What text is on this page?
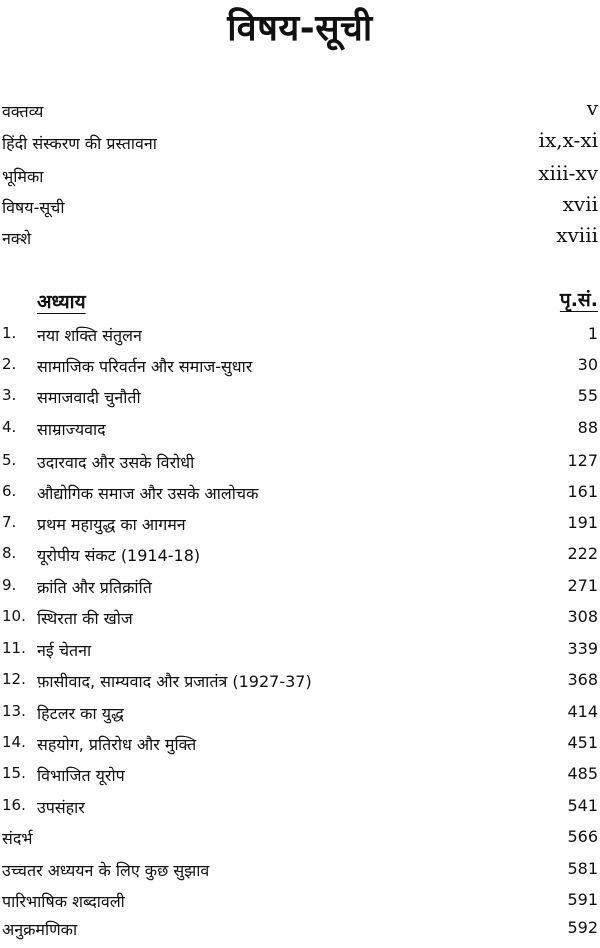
विषय-सूची
वक्तव्य	v
हिंदी संस्करण की प्रस्तावना	ix,x-xi
भूमिका	xiii-xv
विषय-सूची	xvii
नक्शे	xviii
अध्याय	पृ.सं.
1. नया शक्ति संतुलन	1
2. सामाजिक परिवर्तन और समाज-सुधार	30
3. समाजवादी चुनौती	55
4. साम्राज्यवाद	88
5. उदारवाद और उसके विरोधी	127
6. औद्योगिक समाज और उसके आलोचक	161
7. प्रथम महायुद्ध का आगमन	191
8. यूरोपीय संकट (1914-18)	222
9. क्रांति और प्रतिक्रांति	271
10. स्थिरता की खोज	308
11. नई चेतना	339
12. फ़ासीवाद, साम्यवाद और प्रजातंत्र (1927-37)	368
13. हिटलर का युद्ध	414
14. सहयोग, प्रतिरोध और मुक्ति	451
15. विभाजित यूरोप	485
16. उपसंहार	541
संदर्भ	566
उच्चतर अध्ययन के लिए कुछ सुझाव	581
पारिभाषिक शब्दावली	591
अनुक्रमणिका	592
